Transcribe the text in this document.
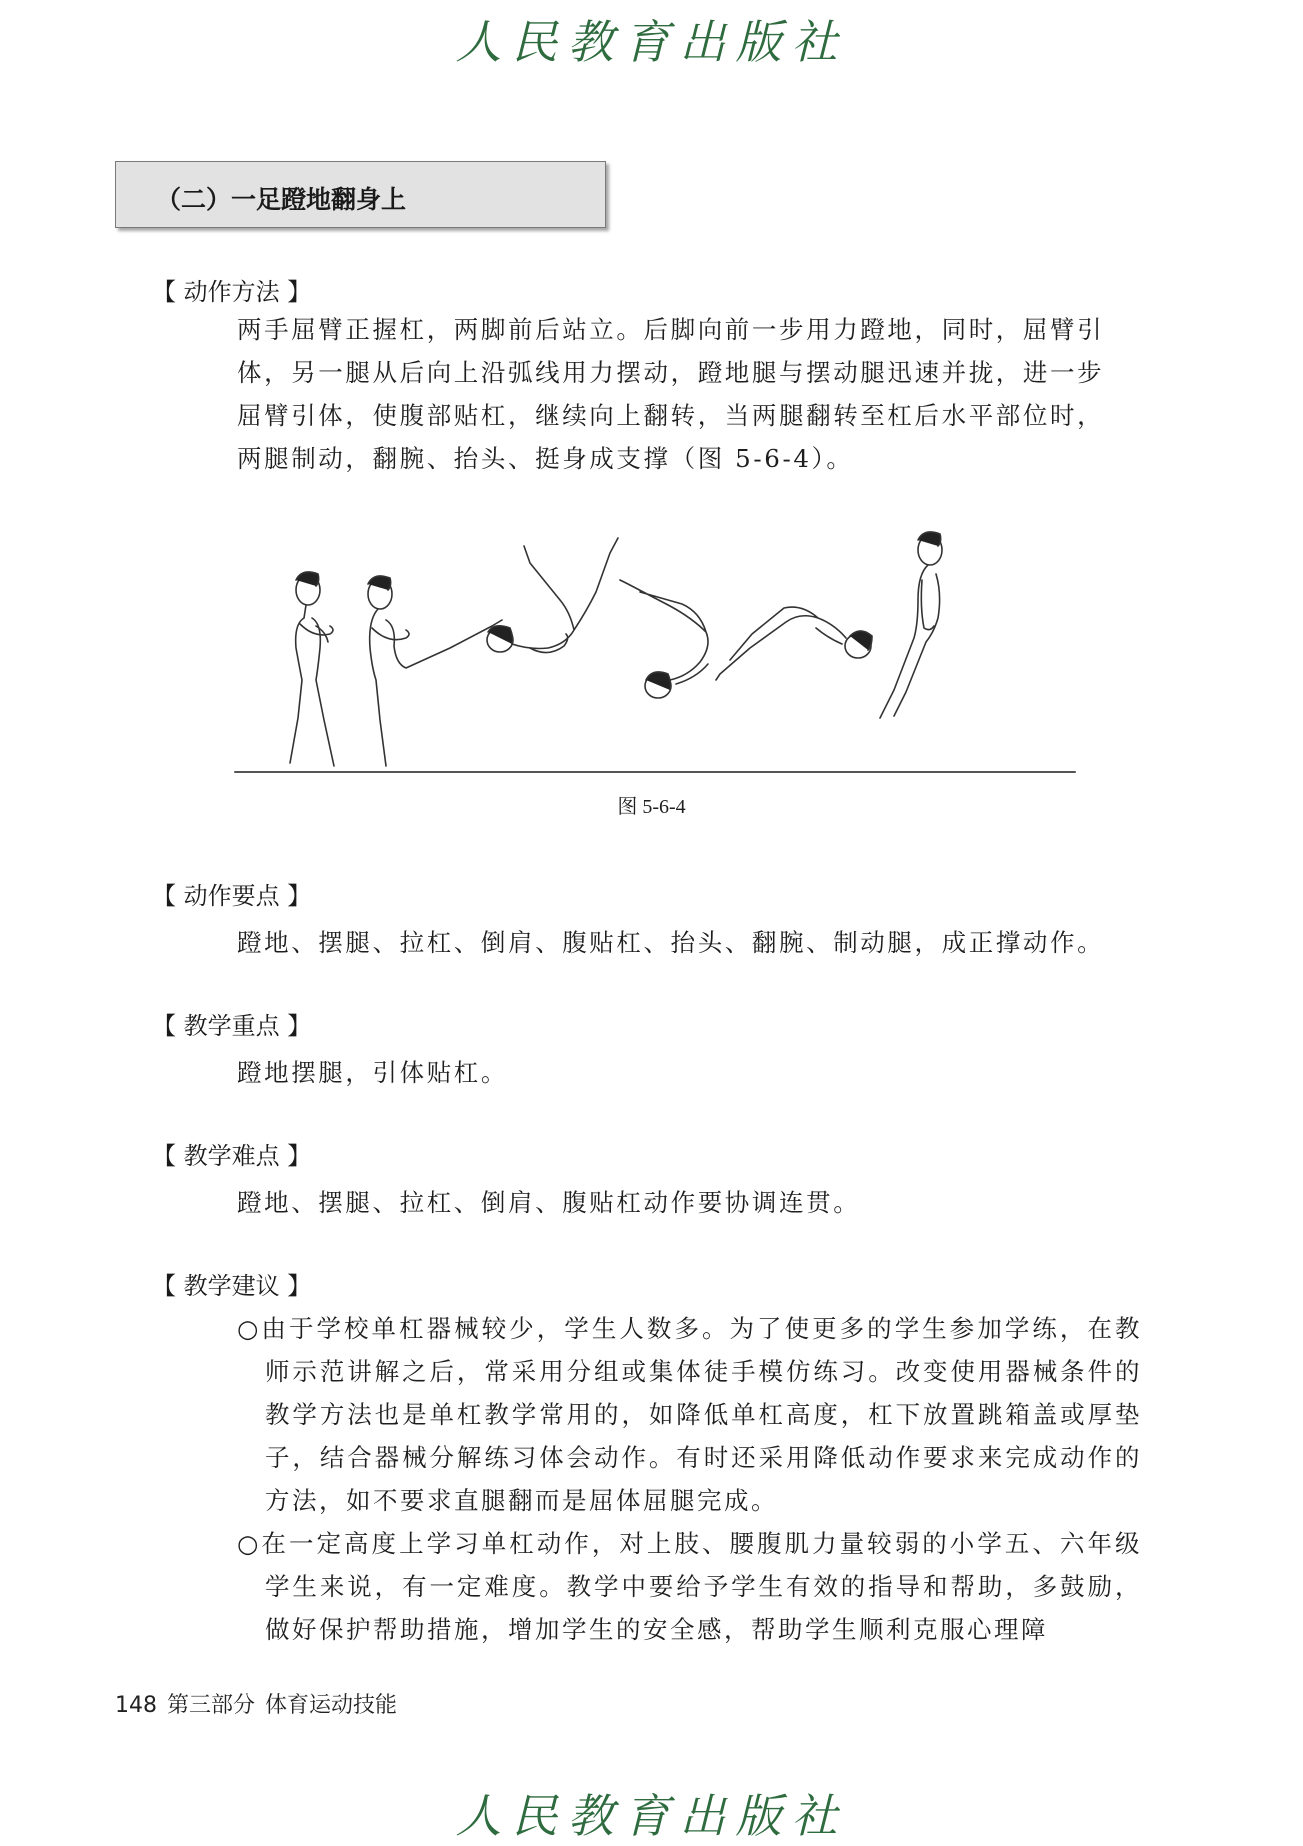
人民教育出版社
（二）一足蹬地翻身上
【 动作方法 】
两手屈臂正握杠，两脚前后站立。后脚向前一步用力蹬地，同时，屈臂引
体，另一腿从后向上沿弧线用力摆动，蹬地腿与摆动腿迅速并拢，进一步
屈臂引体，使腹部贴杠，继续向上翻转，当两腿翻转至杠后水平部位时，
两腿制动，翻腕、抬头、挺身成支撑（图 5-6-4）。
图 5-6-4
【 动作要点 】

蹬地、摆腿、拉杠、倒肩、腹贴杠、抬头、翻腕、制动腿，成正撑动作。

【 教学重点 】

蹬地摆腿，引体贴杠。

【 教学难点 】

蹬地、摆腿、拉杠、倒肩、腹贴杠动作要协调连贯。

【 教学建议 】

○由于学校单杠器械较少，学生人数多。为了使更多的学生参加学练，在教师示范讲解之后，常采用分组或集体徒手模仿练习。改变使用器械条件的教学方法也是单杠教学常用的，如降低单杠高度，杠下放置跳箱盖或厚垫子，结合器械分解练习体会动作。有时还采用降低动作要求来完成动作的方法，如不要求直腿翻而是屈体屈腿完成。

○在一定高度上学习单杠动作，对上肢、腰腹肌力量较弱的小学五、六年级学生来说，有一定难度。教学中要给予学生有效的指导和帮助，多鼓励，做好保护帮助措施，增加学生的安全感，帮助学生顺利克服心理障

148 第三部分 体育运动技能
人民教育出版社
